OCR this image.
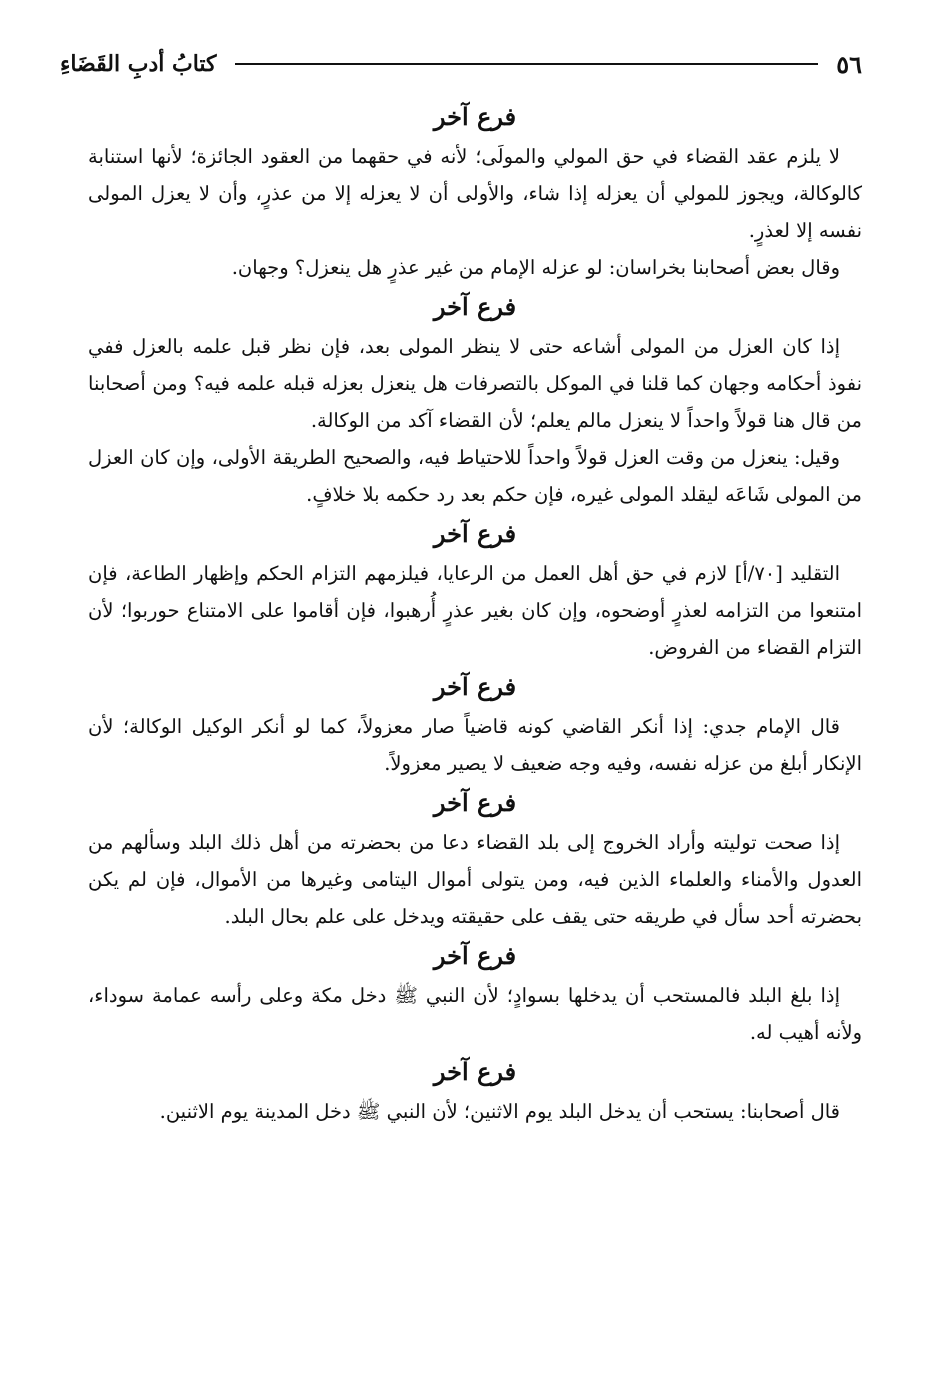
٥٦
كتابُ أدبِ القَضَاءِ
فرع آخر

لا يلزم عقد القضاء في حق المولي والمولَى؛ لأنه في حقهما من العقود الجائزة؛ لأنها استنابة كالوكالة، ويجوز للمولي أن يعزله إذا شاء، والأولى أن لا يعزله إلا من عذرٍ، وأن لا يعزل المولى نفسه إلا لعذرٍ.

وقال بعض أصحابنا بخراسان: لو عزله الإمام من غير عذرٍ هل ينعزل؟ وجهان.

فرع آخر

إذا كان العزل من المولى أشاعه حتى لا ينظر المولى بعد، فإن نظر قبل علمه بالعزل ففي نفوذ أحكامه وجهان كما قلنا في الموكل بالتصرفات هل ينعزل بعزله قبله علمه فيه؟ ومن أصحابنا من قال هنا قولاً واحداً لا ينعزل مالم يعلم؛ لأن القضاء آكد من الوكالة.

وقيل: ينعزل من وقت العزل قولاً واحداً للاحتياط فيه، والصحيح الطريقة الأولى، وإن كان العزل من المولى شَاعَه ليقلد المولى غيره، فإن حكم بعد رد حكمه بلا خلافٍ.

فرع آخر

التقليد [٧٠/أ] لازم في حق أهل العمل من الرعايا، فيلزمهم التزام الحكم وإظهار الطاعة، فإن امتنعوا من التزامه لعذرٍ أوضحوه، وإن كان بغير عذرٍ أُرهبوا، فإن أقاموا على الامتناع حوربوا؛ لأن التزام القضاء من الفروض.

فرع آخر

قال الإمام جدي: إذا أنكر القاضي كونه قاضياً صار معزولاً، كما لو أنكر الوكيل الوكالة؛ لأن الإنكار أبلغ من عزله نفسه، وفيه وجه ضعيف لا يصير معزولاً.

فرع آخر

إذا صحت توليته وأراد الخروج إلى بلد القضاء دعا من بحضرته من أهل ذلك البلد وسألهم من العدول والأمناء والعلماء الذين فيه، ومن يتولى أموال اليتامى وغيرها من الأموال، فإن لم يكن بحضرته أحد سأل في طريقه حتى يقف على حقيقته ويدخل على علم بحال البلد.

فرع آخر

إذا بلغ البلد فالمستحب أن يدخلها بسوادٍ؛ لأن النبي ﷺ دخل مكة وعلى رأسه عمامة سوداء، ولأنه أهيب له.

فرع آخر

قال أصحابنا: يستحب أن يدخل البلد يوم الاثنين؛ لأن النبي ﷺ دخل المدينة يوم الاثنين.
